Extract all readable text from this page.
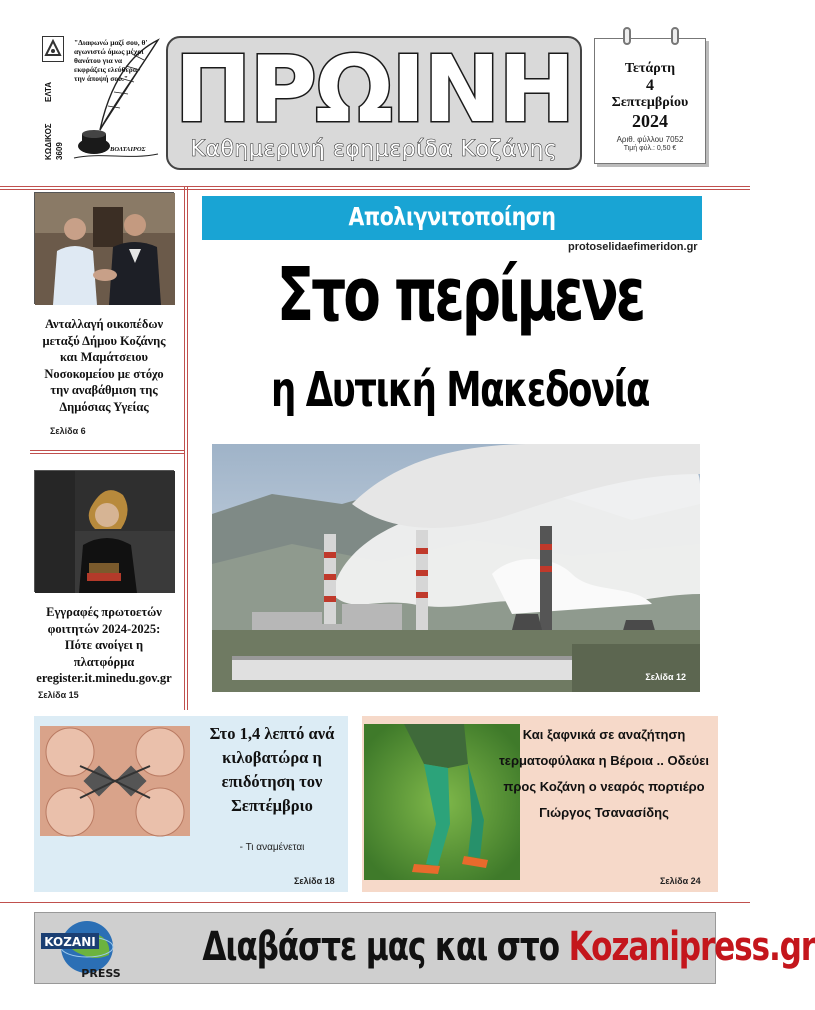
ΕΛΤΑ
ΚΩΔΙΚΟΣ 3609
"Διαφωνώ μαζί σου, θ' αγωνιστώ όμως μέχρι θανάτου για να εκφράζεις ελεύθερα την άποψή σου."
ΒΟΛΤΑΙΡΟΣ
ΠΡΩΙΝΗ
Καθημερινή εφημερίδα Κοζάνης
Τετάρτη
4
Σεπτεμβρίου
2024
Αριθ. φύλλου 7052
Τιμή φύλ.: 0,50 €
Ανταλλαγή οικοπέδων μεταξύ Δήμου Κοζάνης και Μαμάτσειου Νοσοκομείου με στόχο την αναβάθμιση της Δημόσιας Υγείας
Σελίδα 6
Εγγραφές πρωτοετών φοιτητών 2024-2025: Πότε ανοίγει η πλατφόρμα eregister.it.minedu.gov.gr
Σελίδα 15
Απολιγνιτοποίηση
protoselidaefimeridon.gr
Στο περίμενε
η Δυτική Μακεδονία
Σελίδα 12
Στο 1,4 λεπτό ανά κιλοβατώρα η επιδότηση τον Σεπτέμβριο
- Τι αναμένεται
Σελίδα 18
Και ξαφνικά σε αναζήτηση τερματοφύλακα η Βέροια .. Οδεύει προς Κοζάνη ο νεαρός πορτιέρο Γιώργος Τσανασίδης
Σελίδα 24
KOZANI
PRESS
Διαβάστε μας και στο Kozanipress.gr
